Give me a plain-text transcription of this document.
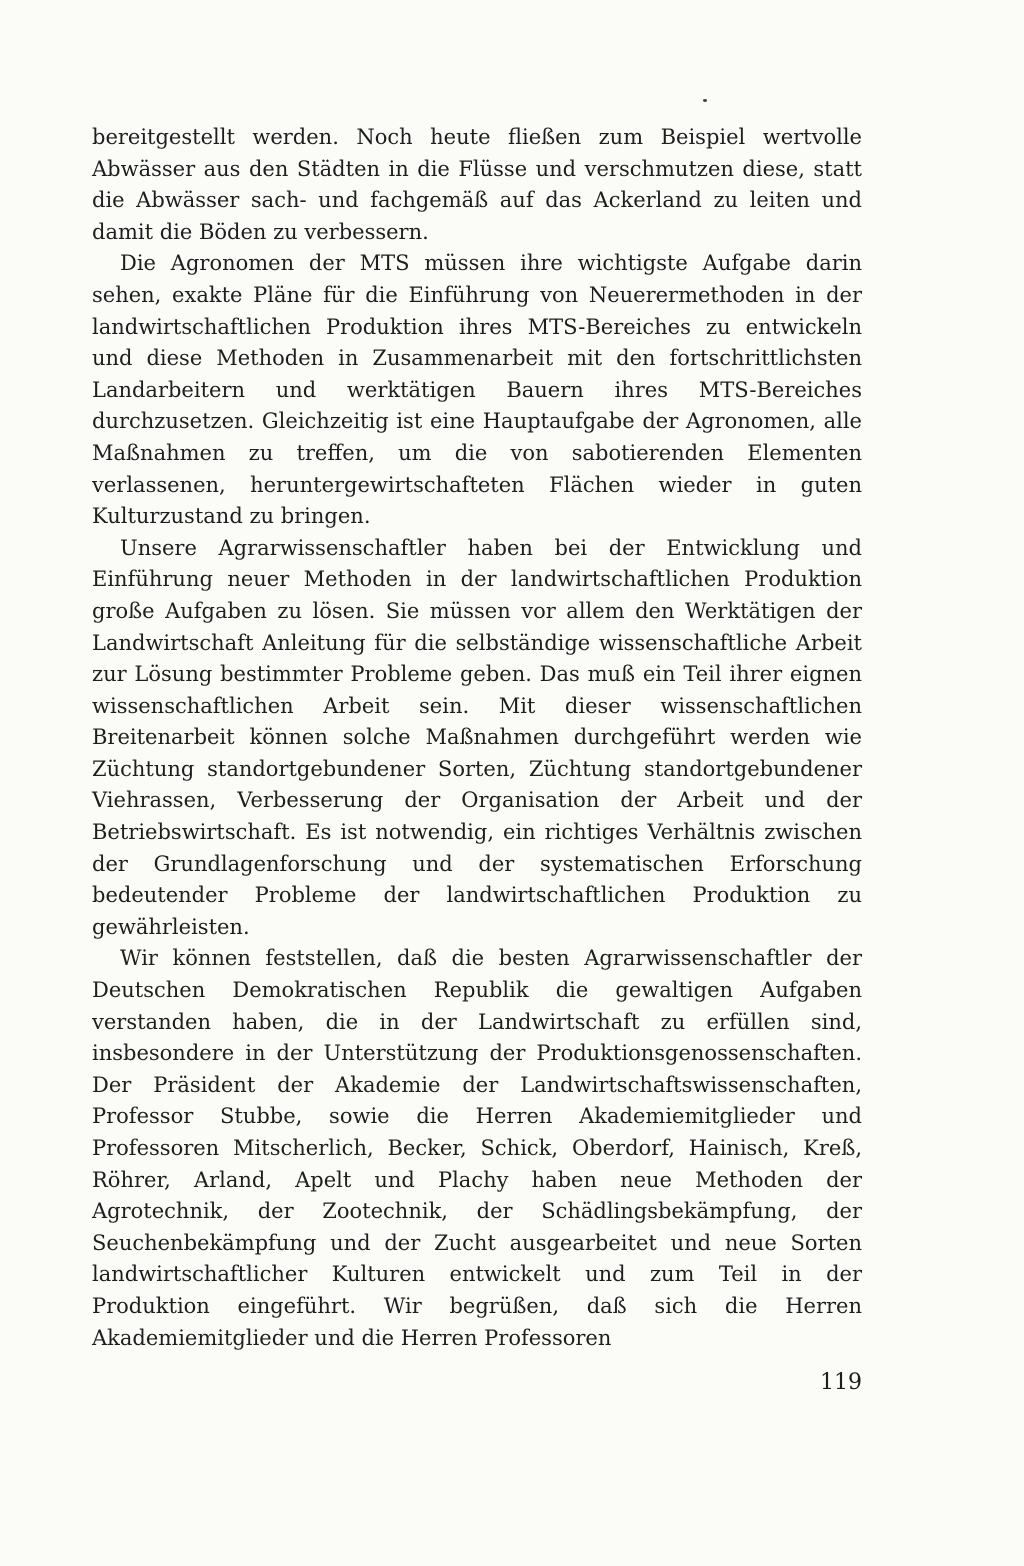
bereitgestellt werden. Noch heute fließen zum Beispiel wertvolle Abwässer aus den Städten in die Flüsse und verschmutzen diese, statt die Abwässer sach- und fachgemäß auf das Ackerland zu leiten und damit die Böden zu verbessern.

Die Agronomen der MTS müssen ihre wichtigste Aufgabe darin sehen, exakte Pläne für die Einführung von Neuerermethoden in der landwirtschaftlichen Produktion ihres MTS-Bereiches zu entwickeln und diese Methoden in Zusammenarbeit mit den fortschrittlichsten Landarbeitern und werktätigen Bauern ihres MTS-Bereiches durchzusetzen. Gleichzeitig ist eine Hauptaufgabe der Agronomen, alle Maßnahmen zu treffen, um die von sabotierenden Elementen verlassenen, heruntergewirtschafteten Flächen wieder in guten Kulturzustand zu bringen.

Unsere Agrarwissenschaftler haben bei der Entwicklung und Einführung neuer Methoden in der landwirtschaftlichen Produktion große Aufgaben zu lösen. Sie müssen vor allem den Werktätigen der Landwirtschaft Anleitung für die selbständige wissenschaftliche Arbeit zur Lösung bestimmter Probleme geben. Das muß ein Teil ihrer eignen wissenschaftlichen Arbeit sein. Mit dieser wissenschaftlichen Breitenarbeit können solche Maßnahmen durchgeführt werden wie Züchtung standortgebundener Sorten, Züchtung standortgebundener Viehrassen, Verbesserung der Organisation der Arbeit und der Betriebswirtschaft. Es ist notwendig, ein richtiges Verhältnis zwischen der Grundlagenforschung und der systematischen Erforschung bedeutender Probleme der landwirtschaftlichen Produktion zu gewährleisten.

Wir können feststellen, daß die besten Agrarwissenschaftler der Deutschen Demokratischen Republik die gewaltigen Aufgaben verstanden haben, die in der Landwirtschaft zu erfüllen sind, insbesondere in der Unterstützung der Produktionsgenossenschaften. Der Präsident der Akademie der Landwirtschaftswissenschaften, Professor Stubbe, sowie die Herren Akademiemitglieder und Professoren Mitscherlich, Becker, Schick, Oberdorf, Hainisch, Kreß, Röhrer, Arland, Apelt und Plachy haben neue Methoden der Agrotechnik, der Zootechnik, der Schädlingsbekämpfung, der Seuchenbekämpfung und der Zucht ausgearbeitet und neue Sorten landwirtschaftlicher Kulturen entwickelt und zum Teil in der Produktion eingeführt. Wir begrüßen, daß sich die Herren Akademiemitglieder und die Herren Professoren

119
